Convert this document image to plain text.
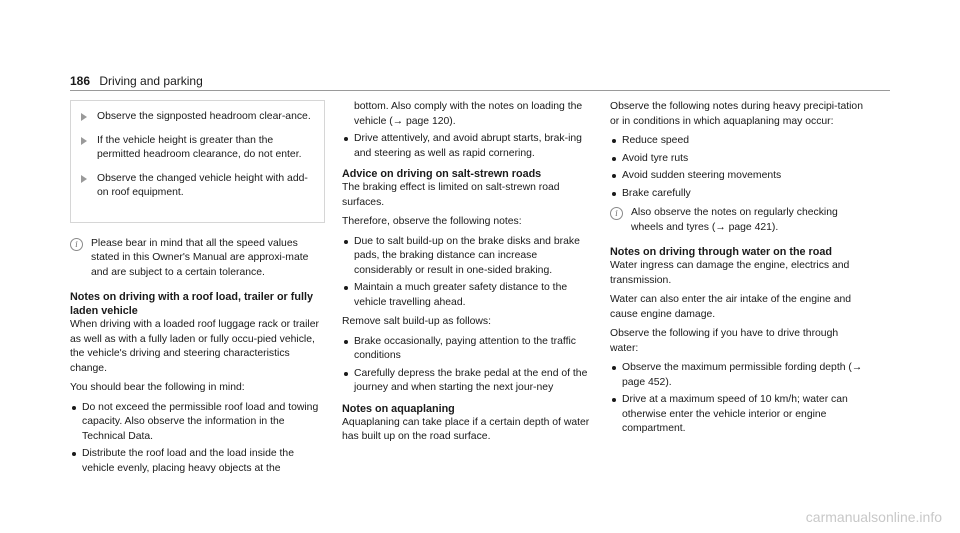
186 Driving and parking
Observe the signposted headroom clear-ance.
If the vehicle height is greater than the permitted headroom clearance, do not enter.
Observe the changed vehicle height with add-on roof equipment.
i	Please bear in mind that all the speed values stated in this Owner's Manual are approxi-mate and are subject to a certain tolerance.
Notes on driving with a roof load, trailer or fully laden vehicle

When driving with a loaded roof luggage rack or trailer as well as with a fully laden or fully occu-pied vehicle, the vehicle's driving and steering characteristics change.

You should bear the following in mind:

Do not exceed the permissible roof load and towing capacity. Also observe the information in the Technical Data.
Distribute the roof load and the load inside the vehicle evenly, placing heavy objects at the
bottom. Also comply with the notes on loading the vehicle (→ page 120).
Drive attentively, and avoid abrupt starts, brak-ing and steering as well as rapid cornering.
Advice on driving on salt-strewn roads

The braking effect is limited on salt-strewn road surfaces.

Therefore, observe the following notes:

Due to salt build-up on the brake disks and brake pads, the braking distance can increase considerably or result in one-sided braking.
Maintain a much greater safety distance to the vehicle travelling ahead.

Remove salt build-up as follows:

Brake occasionally, paying attention to the traffic conditions
Carefully depress the brake pedal at the end of the journey and when starting the next jour-ney
Notes on aquaplaning

Aquaplaning can take place if a certain depth of water has built up on the road surface.

Observe the following notes during heavy precipi-tation or in conditions in which aquaplaning may occur:

Reduce speed
Avoid tyre ruts
Avoid sudden steering movements
Brake carefully
i	Also observe the notes on regularly checking wheels and tyres (→ page 421).
Notes on driving through water on the road

Water ingress can damage the engine, electrics and transmission.

Water can also enter the air intake of the engine and cause engine damage.

Observe the following if you have to drive through water:

Observe the maximum permissible fording depth (→ page 452).
Drive at a maximum speed of 10 km/h; water can otherwise enter the vehicle interior or engine compartment.
carmanualsonline.info
